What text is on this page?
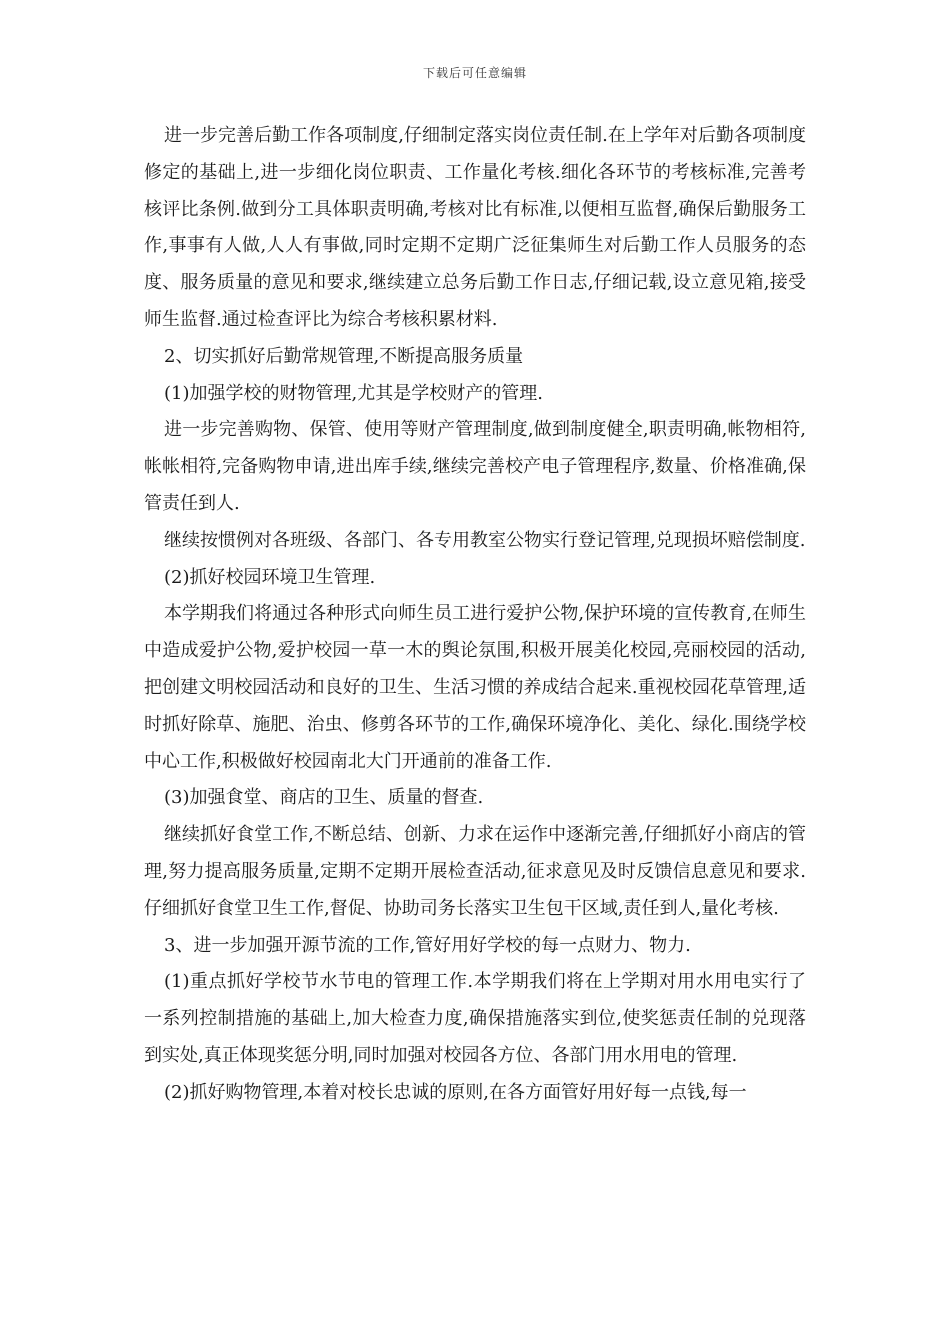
下载后可任意编辑

进一步完善后勤工作各项制度,仔细制定落实岗位责任制.在上学年对后勤各项制度修定的基础上,进一步细化岗位职责、工作量化考核.细化各环节的考核标准,完善考核评比条例.做到分工具体职责明确,考核对比有标准,以便相互监督,确保后勤服务工作,事事有人做,人人有事做,同时定期不定期广泛征集师生对后勤工作人员服务的态度、服务质量的意见和要求,继续建立总务后勤工作日志,仔细记载,设立意见箱,接受师生监督.通过检查评比为综合考核积累材料.

2、切实抓好后勤常规管理,不断提高服务质量

(1)加强学校的财物管理,尤其是学校财产的管理.

进一步完善购物、保管、使用等财产管理制度,做到制度健全,职责明确,帐物相符,帐帐相符,完备购物申请,进出库手续,继续完善校产电子管理程序,数量、价格准确,保管责任到人.

继续按惯例对各班级、各部门、各专用教室公物实行登记管理,兑现损坏赔偿制度.

(2)抓好校园环境卫生管理.

本学期我们将通过各种形式向师生员工进行爱护公物,保护环境的宣传教育,在师生中造成爱护公物,爱护校园一草一木的舆论氛围,积极开展美化校园,亮丽校园的活动,把创建文明校园活动和良好的卫生、生活习惯的养成结合起来.重视校园花草管理,适时抓好除草、施肥、治虫、修剪各环节的工作,确保环境净化、美化、绿化.围绕学校中心工作,积极做好校园南北大门开通前的准备工作.

(3)加强食堂、商店的卫生、质量的督查.

继续抓好食堂工作,不断总结、创新、力求在运作中逐渐完善,仔细抓好小商店的管理,努力提高服务质量,定期不定期开展检查活动,征求意见及时反馈信息意见和要求.仔细抓好食堂卫生工作,督促、协助司务长落实卫生包干区域,责任到人,量化考核.

3、进一步加强开源节流的工作,管好用好学校的每一点财力、物力.

(1)重点抓好学校节水节电的管理工作.本学期我们将在上学期对用水用电实行了一系列控制措施的基础上,加大检查力度,确保措施落实到位,使奖惩责任制的兑现落到实处,真正体现奖惩分明,同时加强对校园各方位、各部门用水用电的管理.

(2)抓好购物管理,本着对校长忠诚的原则,在各方面管好用好每一点钱,每一
